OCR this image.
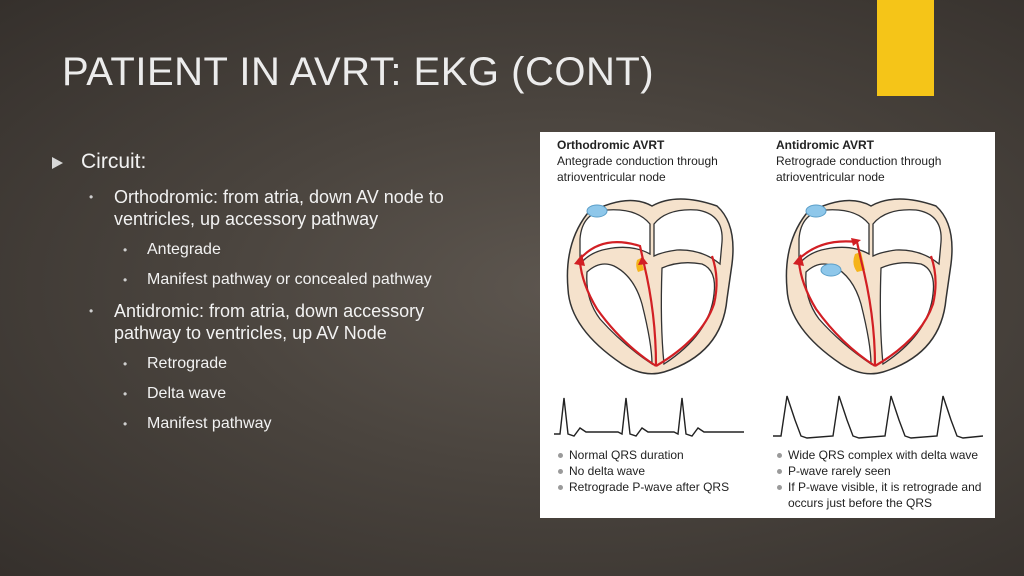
PATIENT IN AVRT: EKG (CONT)
Circuit:
• Orthodromic: from atria, down AV node to ventricles, up accessory pathway
• Antegrade
• Manifest pathway or concealed pathway
• Antidromic: from atria, down accessory pathway to ventricles, up AV Node
• Retrograde
• Delta wave
• Manifest pathway

Orthodromic AVRT

Antegrade conduction through atrioventricular node

Antidromic AVRT

Retrograde conduction through atrioventricular node

Normal QRS duration
No delta wave
Retrograde P-wave after QRS
Wide QRS complex with delta wave
P-wave rarely seen
If P-wave visible, it is retrograde and occurs just before the QRS
